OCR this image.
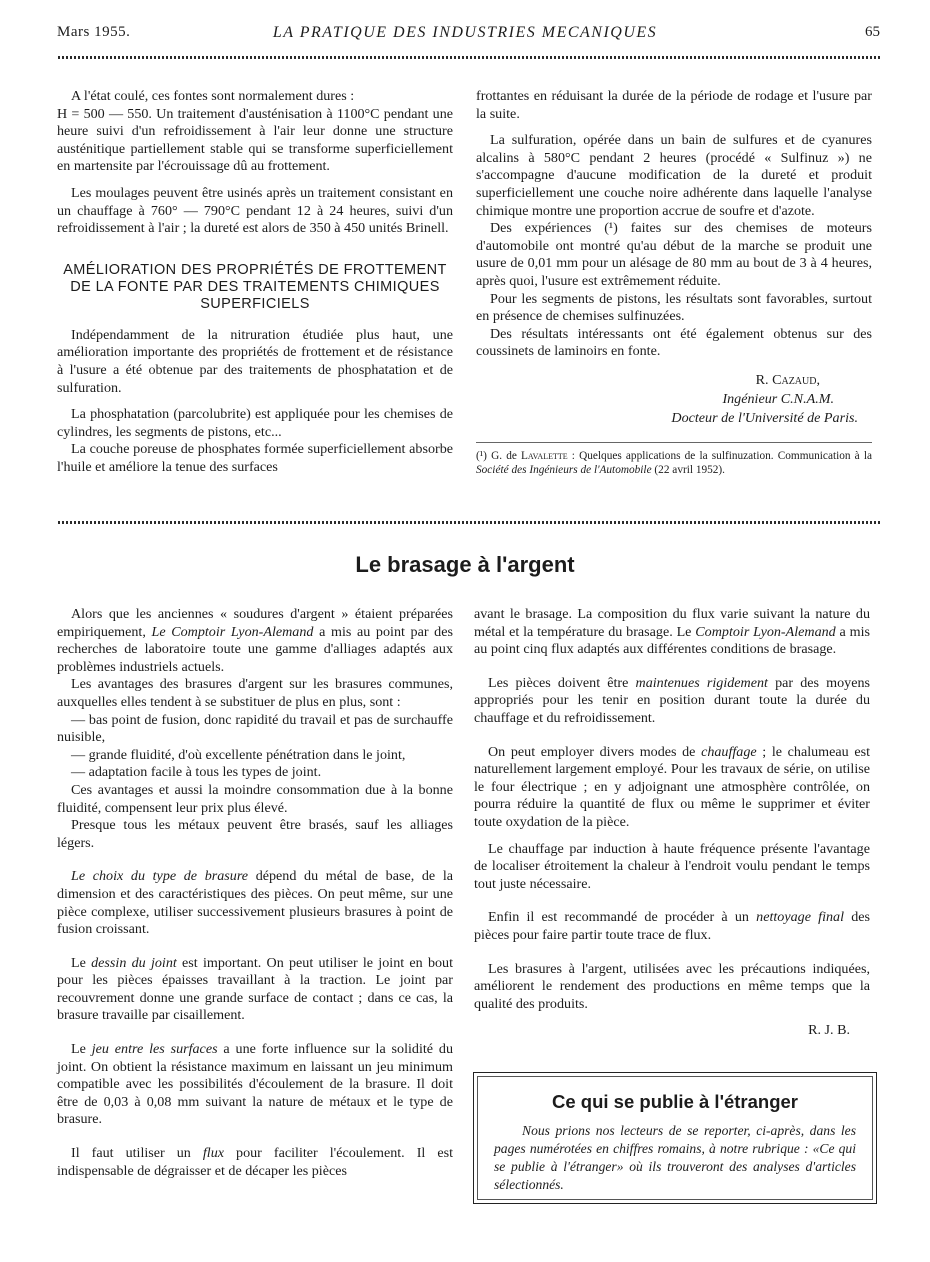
Mars 1955.	LA PRATIQUE DES INDUSTRIES MECANIQUES	65

A l'état coulé, ces fontes sont normalement dures :

H = 500 — 550. Un traitement d'austénisation à 1100°C pendant une heure suivi d'un refroidissement à l'air leur donne une structure austénitique partiellement stable qui se transforme superficiellement en martensite par l'écrouissage dû au frottement.

Les moulages peuvent être usinés après un traitement consistant en un chauffage à 760° — 790°C pendant 12 à 24 heures, suivi d'un refroidissement à l'air ; la dureté est alors de 350 à 450 unités Brinell.

AMÉLIORATION DES PROPRIÉTÉS DE FROTTEMENT DE LA FONTE PAR DES TRAITEMENTS CHIMIQUES SUPERFICIELS

Indépendamment de la nitruration étudiée plus haut, une amélioration importante des propriétés de frottement et de résistance à l'usure a été obtenue par des traitements de phosphatation et de sulfuration.

La phosphatation (parcolubrite) est appliquée pour les chemises de cylindres, les segments de pistons, etc...

La couche poreuse de phosphates formée superficiellement absorbe l'huile et améliore la tenue des surfaces

frottantes en réduisant la durée de la période de rodage et l'usure par la suite.

La sulfuration, opérée dans un bain de sulfures et de cyanures alcalins à 580°C pendant 2 heures (procédé « Sulfinuz ») ne s'accompagne d'aucune modification de la dureté et produit superficiellement une couche noire adhérente dans laquelle l'analyse chimique montre une proportion accrue de soufre et d'azote.

Des expériences (¹) faites sur des chemises de moteurs d'automobile ont montré qu'au début de la marche se produit une usure de 0,01 mm pour un alésage de 80 mm au bout de 3 à 4 heures, après quoi, l'usure est extrêmement réduite.

Pour les segments de pistons, les résultats sont favorables, surtout en présence de chemises sulfinuzées.

Des résultats intéressants ont été également obtenus sur des coussinets de laminoirs en fonte.

R. Cazaud,
Ingénieur C.N.A.M.
Docteur de l'Université de Paris.
(¹) G. de Lavalette : Quelques applications de la sulfinuzation. Communication à la Société des Ingénieurs de l'Automobile (22 avril 1952).
Le brasage à l'argent

Alors que les anciennes « soudures d'argent » étaient préparées empiriquement, Le Comptoir Lyon-Alemand a mis au point par des recherches de laboratoire toute une gamme d'alliages adaptés aux problèmes industriels actuels.

Les avantages des brasures d'argent sur les brasures communes, auxquelles elles tendent à se substituer de plus en plus, sont :

— bas point de fusion, donc rapidité du travail et pas de surchauffe nuisible,

— grande fluidité, d'où excellente pénétration dans le joint,

— adaptation facile à tous les types de joint.

Ces avantages et aussi la moindre consommation due à la bonne fluidité, compensent leur prix plus élevé.

Presque tous les métaux peuvent être brasés, sauf les alliages légers.

Le choix du type de brasure dépend du métal de base, de la dimension et des caractéristiques des pièces. On peut même, sur une pièce complexe, utiliser successivement plusieurs brasures à point de fusion croissant.

Le dessin du joint est important. On peut utiliser le joint en bout pour les pièces épaisses travaillant à la traction. Le joint par recouvrement donne une grande surface de contact ; dans ce cas, la brasure travaille par cisaillement.

Le jeu entre les surfaces a une forte influence sur la solidité du joint. On obtient la résistance maximum en laissant un jeu minimum compatible avec les possibilités d'écoulement de la brasure. Il doit être de 0,03 à 0,08 mm suivant la nature de métaux et le type de brasure.

Il faut utiliser un flux pour faciliter l'écoulement. Il est indispensable de dégraisser et de décaper les pièces

avant le brasage. La composition du flux varie suivant la nature du métal et la température du brasage. Le Comptoir Lyon-Alemand a mis au point cinq flux adaptés aux différentes conditions de brasage.

Les pièces doivent être maintenues rigidement par des moyens appropriés pour les tenir en position durant toute la durée du chauffage et du refroidissement.

On peut employer divers modes de chauffage ; le chalumeau est naturellement largement employé. Pour les travaux de série, on utilise le four électrique ; en y adjoignant une atmosphère contrôlée, on pourra réduire la quantité de flux ou même le supprimer et éviter toute oxydation de la pièce.

Le chauffage par induction à haute fréquence présente l'avantage de localiser étroitement la chaleur à l'endroit voulu pendant le temps tout juste nécessaire.

Enfin il est recommandé de procéder à un nettoyage final des pièces pour faire partir toute trace de flux.

Les brasures à l'argent, utilisées avec les précautions indiquées, améliorent le rendement des productions en même temps que la qualité des produits.

R. J. B.
Ce qui se publie à l'étranger
Nous prions nos lecteurs de se reporter, ci-après, dans les pages numérotées en chiffres romains, à notre rubrique : «Ce qui se publie à l'étranger» où ils trouveront des analyses d'articles sélectionnés.
